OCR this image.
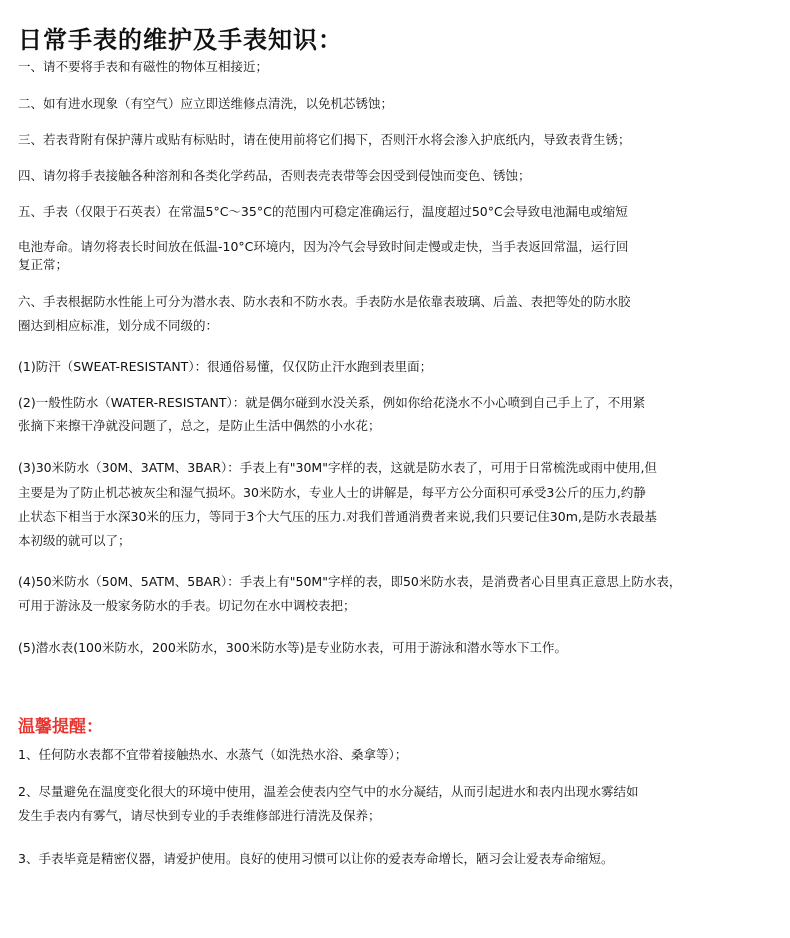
日常手表的维护及手表知识：
一、请不要将手表和有磁性的物体互相接近；
二、如有进水现象（有空气）应立即送维修点清洗，以免机芯锈蚀；
三、若表背附有保护薄片或贴有标贴时，请在使用前将它们揭下，否则汗水将会渗入护底纸内，导致表背生锈；
四、请勿将手表接触各种溶剂和各类化学药品，否则表壳表带等会因受到侵蚀而变色、锈蚀；
五、手表（仅限于石英表）在常温5°C～35°C的范围内可稳定准确运行，温度超过50°C会导致电池漏电或缩短
电池寿命。请勿将表长时间放在低温-10°C环境内，因为冷气会导致时间走慢或走快，当手表返回常温，运行回
复正常；
六、手表根据防水性能上可分为潜水表、防水表和不防水表。手表防水是依靠表玻璃、后盖、表把等处的防水胶
圈达到相应标准，划分成不同级的：
(1)防汗（SWEAT-RESISTANT）：很通俗易懂，仅仅防止汗水跑到表里面；
(2)一般性防水（WATER-RESISTANT）：就是偶尔碰到水没关系，例如你给花浇水不小心喷到自己手上了，不用紧
张摘下来擦干净就没问题了，总之，是防止生活中偶然的小水花；
(3)30米防水（30M、3ATM、3BAR）：手表上有"30M"字样的表，这就是防水表了，可用于日常梳洗或雨中使用,但
主要是为了防止机芯被灰尘和湿气损坏。30米防水，专业人士的讲解是，每平方公分面积可承受3公斤的压力,约静
止状态下相当于水深30米的压力，等同于3个大气压的压力.对我们普通消费者来说,我们只要记住30m,是防水表最基
本初级的就可以了；
(4)50米防水（50M、5ATM、5BAR）：手表上有"50M"字样的表，即50米防水表，是消费者心目里真正意思上防水表，
可用于游泳及一般家务防水的手表。切记勿在水中调校表把；
(5)潜水表(100米防水，200米防水，300米防水等)是专业防水表，可用于游泳和潜水等水下工作。
温馨提醒：
1、任何防水表都不宜带着接触热水、水蒸气（如洗热水浴、桑拿等）；
2、尽量避免在温度变化很大的环境中使用，温差会使表内空气中的水分凝结，从而引起进水和表内出现水雾结如
发生手表内有雾气，请尽快到专业的手表维修部进行清洗及保养；
3、手表毕竟是精密仪器，请爱护使用。良好的使用习惯可以让你的爱表寿命增长，陋习会让爱表寿命缩短。
